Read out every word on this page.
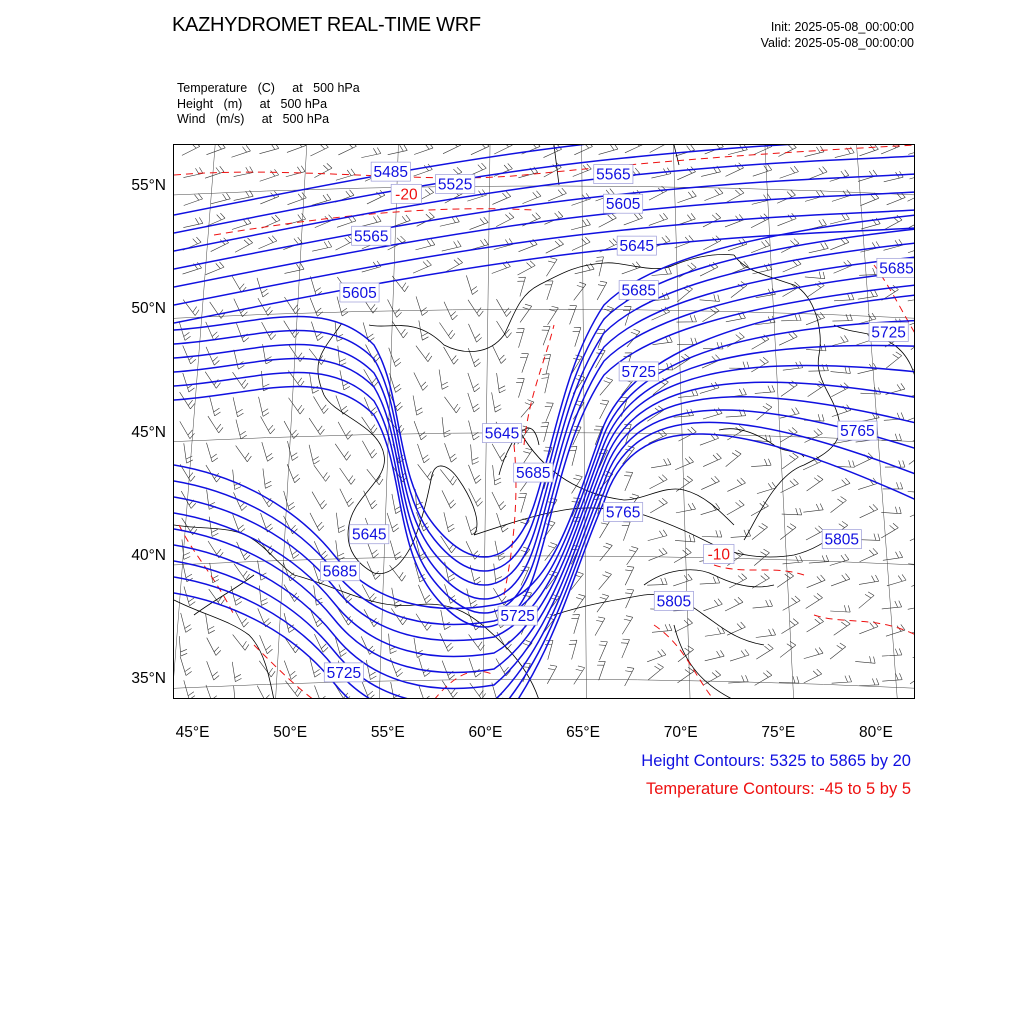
KAZHYDROMET REAL-TIME WRF	Init: 2025-05-08_00:00:00
Valid: 2025-05-08_00:00:00
Temperature   (C)     at   500 hPa
Height   (m)     at   500 hPa
Wind   (m/s)     at   500 hPa
5485
5525
5565
5605
5565
5645
5605
5685
5685
5725
5725
5645	5765
5685
5765
5645	5805
5685
5805
5725
5725
-20
-10
55°N
50°N
45°N
40°N
35°N
45°E	50°E	55°E	60°E	65°E	70°E	75°E	80°E
Height Contours: 5325 to 5865 by 20
Temperature Contours: -45 to 5 by 5
